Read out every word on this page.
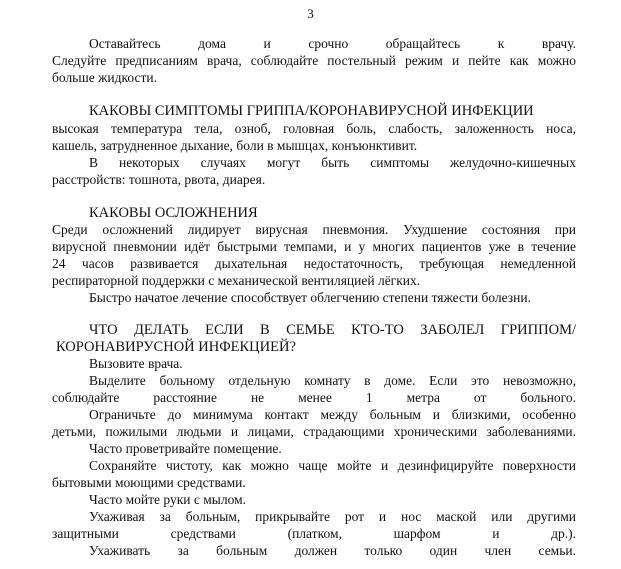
3
Оставайтесь дома и срочно обращайтесь к врачу.
Следуйте предписаниям врача, соблюдайте постельный режим и пейте как можно
больше жидкости.
КАКОВЫ СИМПТОМЫ ГРИППА/КОРОНАВИРУСНОЙ ИНФЕКЦИИ
высокая температура тела, озноб, головная боль, слабость, заложенность носа,
кашель, затрудненное дыхание, боли в мышцах, конъюнктивит.
В некоторых случаях могут быть симптомы желудочно-кишечных
расстройств: тошнота, рвота, диарея.
КАКОВЫ ОСЛОЖНЕНИЯ
Среди осложнений лидирует вирусная пневмония. Ухудшение состояния при
вирусной пневмонии идёт быстрыми темпами, и у многих пациентов уже в течение
24 часов развивается дыхательная недостаточность, требующая немедленной
респираторной поддержки с механической вентиляцией лёгких.
Быстро начатое лечение способствует облегчению степени тяжести болезни.
ЧТО ДЕЛАТЬ ЕСЛИ В СЕМЬЕ КТО-ТО ЗАБОЛЕЛ ГРИППОМ/
КОРОНАВИРУСНОЙ ИНФЕКЦИЕЙ?
Вызовите врача.
Выделите больному отдельную комнату в доме. Если это невозможно,
соблюдайте расстояние не менее 1 метра от больного.
Ограничьте до минимума контакт между больным и близкими, особенно
детьми, пожилыми людьми и лицами, страдающими хроническими заболеваниями.
Часто проветривайте помещение.
Сохраняйте чистоту, как можно чаще мойте и дезинфицируйте поверхности
бытовыми моющими средствами.
Часто мойте руки с мылом.
Ухаживая за больным, прикрывайте рот и нос маской или другими
защитными средствами (платком, шарфом и др.).
Ухаживать за больным должен только один член семьи.
